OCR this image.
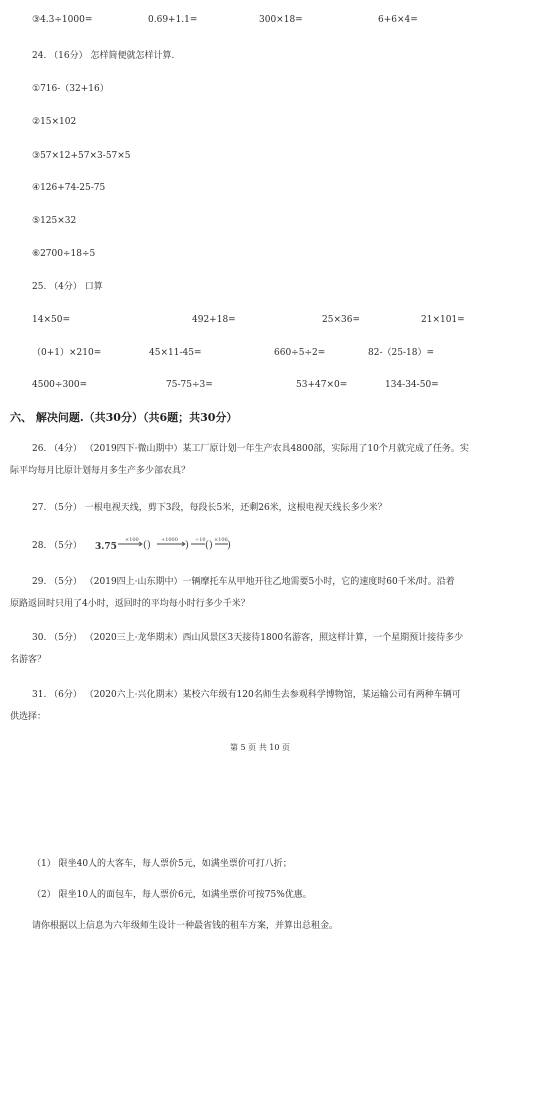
③4.3÷1000=	0.69+1.1=	300×18=	6+6×4=
24. （16分） 怎样简便就怎样计算.
①716-（32+16）
②15×102
③57×12+57×3-57×5
④126+74-25-75
⑤125×32
⑥2700÷18÷5
25. （4分） 口算
14×50=	492+18=	25×36=	21×101=
（0+1）×210=	45×11-45=	660÷5÷2=	82-（25-18）=
4500÷300=	75-75÷3=	53+47×0=	134-34-50=
六、 解决问题.（共30分）（共6题；共30分）
26. （4分） （2019四下·微山期中）某工厂原计划一年生产农具4800部，实际用了10个月就完成了任务。实
际平均每月比原计划每月多生产多少部农具？
27. （5分） 一根电视天线，剪下3段，每段长5米，还剩26米，这根电视天线长多少米？
28. （5分） 3.75
×100 () +1000 ) ÷10 () ×100 )
29. （5分） （2019四上·山东期中）一辆摩托车从甲地开往乙地需要5小时，它的速度时60千米/时。沿着
原路返回时只用了4小时，返回时的平均每小时行多少千米？
30. （5分） （2020三上·龙华期末）西山风景区3天接待1800名游客，照这样计算，一个星期预计接待多少
名游客？
31. （6分） （2020六上·兴化期末）某校六年级有120名师生去参观科学博物馆，某运输公司有两种车辆可
供选择：
第 5 页 共 10 页
（1） 限坐40人的大客车，每人票价5元，如满坐票价可打八折；
（2） 限坐10人的面包车，每人票价6元，如满坐票价可按75%优惠。
请你根据以上信息为六年级师生设计一种最省钱的租车方案，并算出总租金。
